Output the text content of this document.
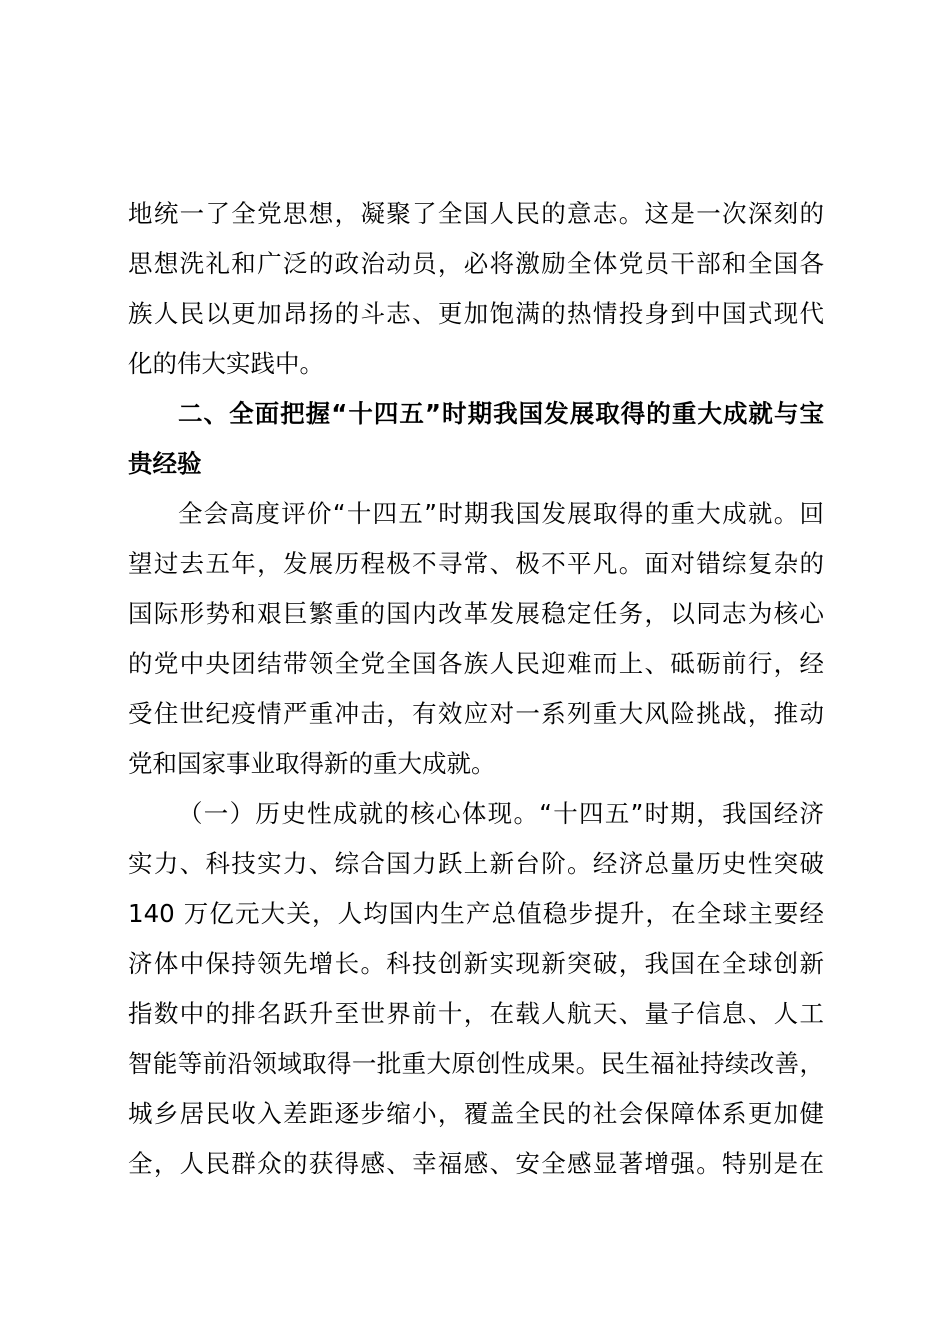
地统一了全党思想，凝聚了全国人民的意志。这是一次深刻的
思想洗礼和广泛的政治动员，必将激励全体党员干部和全国各
族人民以更加昂扬的斗志、更加饱满的热情投身到中国式现代
化的伟大实践中。
二、全面把握“十四五”时期我国发展取得的重大成就与宝
贵经验
全会高度评价“十四五”时期我国发展取得的重大成就。回
望过去五年，发展历程极不寻常、极不平凡。面对错综复杂的
国际形势和艰巨繁重的国内改革发展稳定任务，以同志为核心
的党中央团结带领全党全国各族人民迎难而上、砥砺前行，经
受住世纪疫情严重冲击，有效应对一系列重大风险挑战，推动
党和国家事业取得新的重大成就。
（一）历史性成就的核心体现。“十四五”时期，我国经济
实力、科技实力、综合国力跃上新台阶。经济总量历史性突破
140 万亿元大关，人均国内生产总值稳步提升，在全球主要经
济体中保持领先增长。科技创新实现新突破，我国在全球创新
指数中的排名跃升至世界前十，在载人航天、量子信息、人工
智能等前沿领域取得一批重大原创性成果。民生福祉持续改善，
城乡居民收入差距逐步缩小，覆盖全民的社会保障体系更加健
全，人民群众的获得感、幸福感、安全感显著增强。特别是在
